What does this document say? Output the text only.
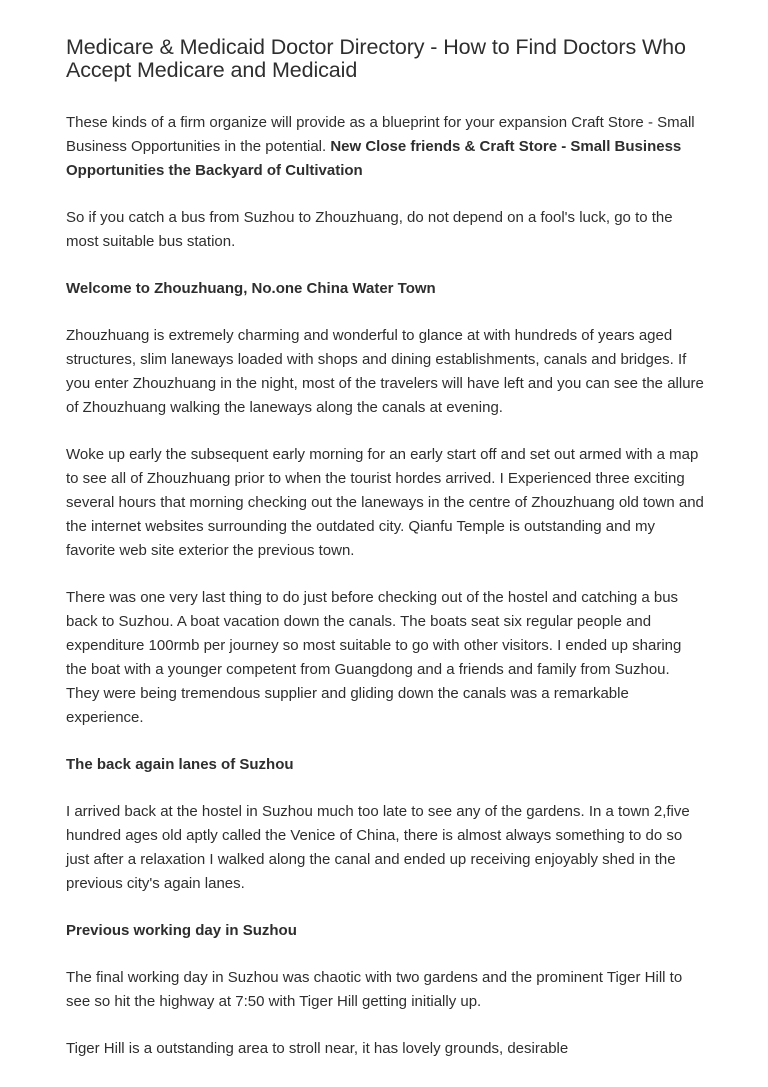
Medicare & Medicaid Doctor Directory - How to Find Doctors Who Accept Medicare and Medicaid

These kinds of a firm organize will provide as a blueprint for your expansion Craft Store - Small Business Opportunities in the potential. New Close friends & Craft Store - Small Business Opportunities the Backyard of Cultivation

So if you catch a bus from Suzhou to Zhouzhuang, do not depend on a fool's luck, go to the most suitable bus station.

Welcome to Zhouzhuang, No.one China Water Town

Zhouzhuang is extremely charming and wonderful to glance at with hundreds of years aged structures, slim laneways loaded with shops and dining establishments, canals and bridges. If you enter Zhouzhuang in the night, most of the travelers will have left and you can see the allure of Zhouzhuang walking the laneways along the canals at evening.

Woke up early the subsequent early morning for an early start off and set out armed with a map to see all of Zhouzhuang prior to when the tourist hordes arrived. I Experienced three exciting several hours that morning checking out the laneways in the centre of Zhouzhuang old town and the internet websites surrounding the outdated city. Qianfu Temple is outstanding and my favorite web site exterior the previous town.

There was one very last thing to do just before checking out of the hostel and catching a bus back to Suzhou. A boat vacation down the canals. The boats seat six regular people and expenditure 100rmb per journey so most suitable to go with other visitors. I ended up sharing the boat with a younger competent from Guangdong and a friends and family from Suzhou. They were being tremendous supplier and gliding down the canals was a remarkable experience.

The back again lanes of Suzhou

I arrived back at the hostel in Suzhou much too late to see any of the gardens. In a town 2,five hundred ages old aptly called the Venice of China, there is almost always something to do so just after a relaxation I walked along the canal and ended up receiving enjoyably shed in the previous city's again lanes.

Previous working day in Suzhou

The final working day in Suzhou was chaotic with two gardens and the prominent Tiger Hill to see so hit the highway at 7:50 with Tiger Hill getting initially up.

Tiger Hill is a outstanding area to stroll near, it has lovely grounds, desirable
